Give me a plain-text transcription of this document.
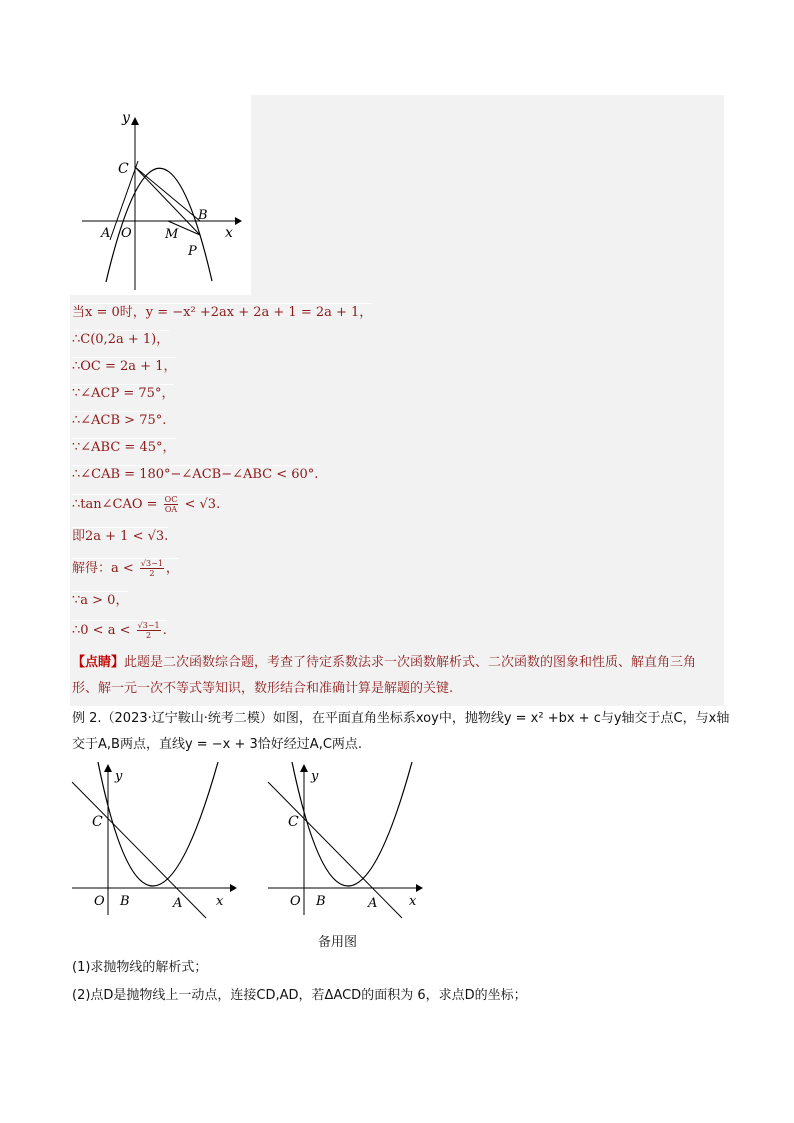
y
x
C
B
A O	M
P
当x = 0时，y = −x² +2ax + 2a + 1 = 2a + 1，
∴C(0,2a + 1)，
∴OC = 2a + 1，
∵∠ACP = 75°，
∴∠ACB > 75°.
∵∠ABC = 45°，
∴∠CAB = 180°−∠ACB−∠ABC < 60°.
∴tan∠CAO = $\frac{OC}{OA} < √3$.
即2a + 1 < √3.
解得：$a < \frac{√3-1}{2}$ ，
∵a > 0，
∴0 < $a < \frac{√3-1}{2}$ .
【点睛】此题是二次函数综合题，考查了待定系数法求一次函数解析式、二次函数的图象和性质、解直角三角形、解一元一次不等式等知识，数形结合和准确计算是解题的关键.
例 2.（2023·辽宁鞍山·统考二模）如图，在平面直角坐标系xoy中，抛物线y = x² +bx + c与y轴交于点C，与x轴交于A,B两点，直线y = −x + 3恰好经过A,C两点.
y
x
C
O B	A
y
x
C
O B	A
备用图
(1)求抛物线的解析式；
(2)点D是抛物线上一动点，连接CD,AD，若ΔACD的面积为 6，求点D的坐标；
